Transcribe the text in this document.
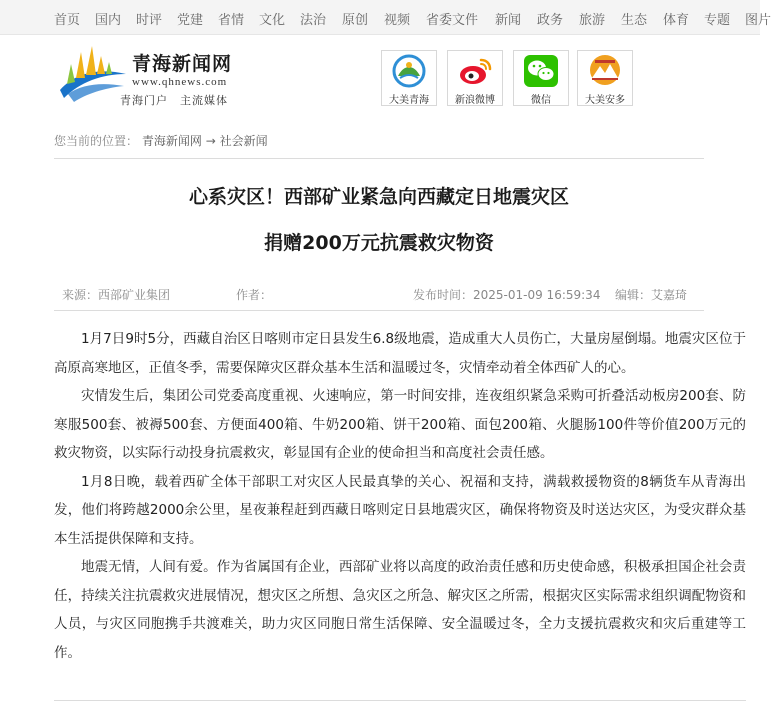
首页 国内 时评 党建 省情 文化 法治 原创 视频 省委文件 新闻 政务 旅游 生态 体育 专题 图片
青海新闻网
www.qhnews.com
青海门户　主流媒体	大美青海	新浪微博	微信	大美安多
您当前的位置： 青海新闻网 → 社会新闻
心系灾区！西部矿业紧急向西藏定日地震灾区
捐赠200万元抗震救灾物资
来源：西部矿业集团	作者：	发布时间：2025-01-09 16:59:34 编辑：艾嘉琦

1月7日9时5分，西藏自治区日喀则市定日县发生6.8级地震，造成重大人员伤亡，大量房屋倒塌。地震灾区位于高原高寒地区，正值冬季，需要保障灾区群众基本生活和温暖过冬，灾情牵动着全体西矿人的心。

灾情发生后，集团公司党委高度重视、火速响应，第一时间安排，连夜组织紧急采购可折叠活动板房200套、防寒服500套、被褥500套、方便面400箱、牛奶200箱、饼干200箱、面包200箱、火腿肠100件等价值200万元的救灾物资，以实际行动投身抗震救灾，彰显国有企业的使命担当和高度社会责任感。

1月8日晚，载着西矿全体干部职工对灾区人民最真挚的关心、祝福和支持，满载救援物资的8辆货车从青海出发，他们将跨越2000余公里，星夜兼程赶到西藏日喀则定日县地震灾区，确保将物资及时送达灾区，为受灾群众基本生活提供保障和支持。

地震无情，人间有爱。作为省属国有企业，西部矿业将以高度的政治责任感和历史使命感，积极承担国企社会责任，持续关注抗震救灾进展情况，想灾区之所想、急灾区之所急、解灾区之所需，根据灾区实际需求组织调配物资和人员，与灾区同胞携手共渡难关，助力灾区同胞日常生活保障、安全温暖过冬，全力支援抗震救灾和灾后重建等工作。
